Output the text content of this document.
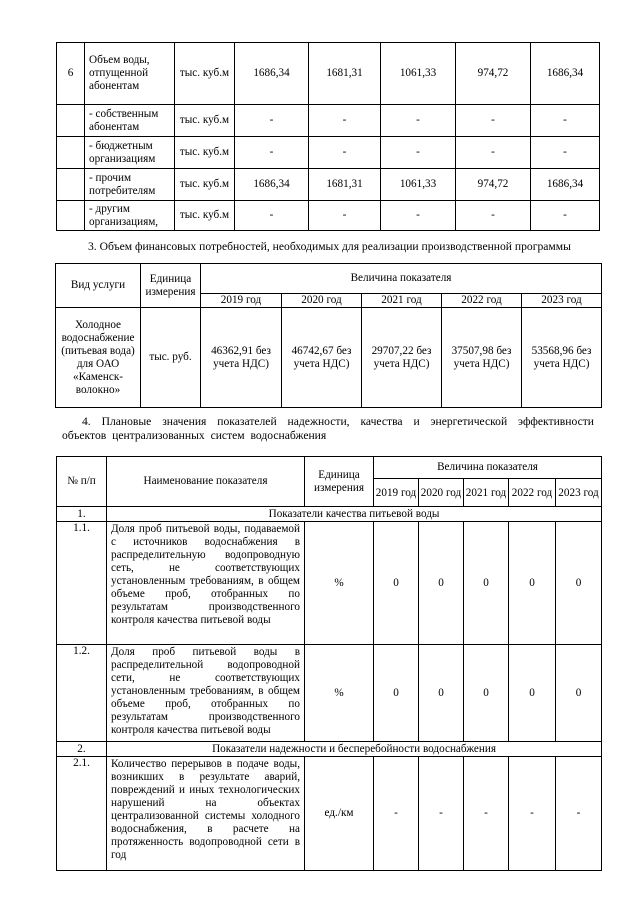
6	Объем воды, отпущенной абонентам	тыс. куб.м	1686,34	1681,31	1061,33	974,72	1686,34
	- собственным абонентам	тыс. куб.м	-	-	-	-	-
	- бюджетным организациям	тыс. куб.м	-	-	-	-	-
	- прочим потребителям	тыс. куб.м	1686,34	1681,31	1061,33	974,72	1686,34
	- другим организациям,	тыс. куб.м	-	-	-	-	-
3. Объем финансовых потребностей, необходимых для реализации производственной программы
Вид услуги	Единица измерения	Величина показателя				
		2019 год	2020 год	2021 год	2022 год	2023 год
Холодное водоснабжение (питьевая вода) для ОАО «Каменск-волокно»	тыс. руб.	46362,91 без учета НДС)	46742,67 без учета НДС)	29707,22 без учета НДС)	37507,98 без учета НДС)	53568,96 без учета НДС)
4. Плановые значения показателей надежности, качества и энергетической эффективности объектов централизованных систем водоснабжения
№ п/п	Наименование показателя	Единица измерения	Величина показателя				
			2019 год	2020 год	2021 год	2022 год	2023 год
1.	Показатели качества питьевой воды						
1.1.	Доля проб питьевой воды, подаваемой с источников водоснабжения в распределительную водопроводную сеть, не соответствующих установленным требованиям, в общем объеме проб, отобранных по результатам производственного контроля качества питьевой воды	%	0	0	0	0	0
1.2.	Доля проб питьевой воды в распределительной водопроводной сети, не соответствующих установленным требованиям, в общем объеме проб, отобранных по результатам производственного контроля качества питьевой воды	%	0	0	0	0	0
2.	Показатели надежности и бесперебойности водоснабжения						
2.1.	Количество перерывов в подаче воды, возникших в результате аварий, повреждений и иных технологических нарушений на объектах централизованной системы холодного водоснабжения, в расчете на протяженность водопроводной сети в год	ед./км	-	-	-	-	-
